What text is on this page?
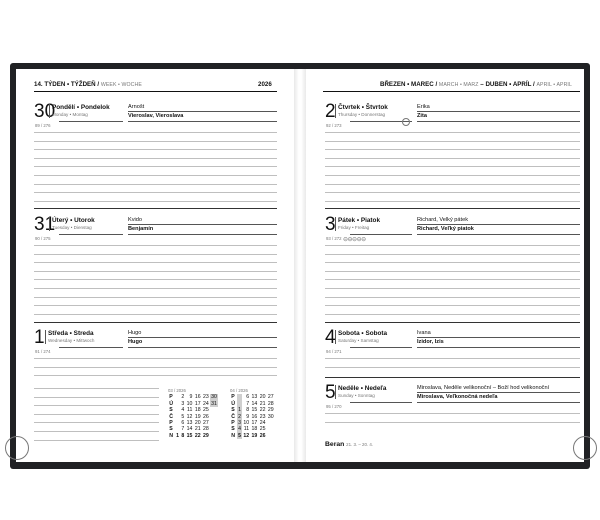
14. TÝDEN • TÝŽDEŇ / WEEK • WOCHE	2026	BŘEZEN • MAREC / MARCH • MARZ – DUBEN • APRÍL / APRIL • APRIL
30
Pondělí • Pondelok
Monday • Montag
89 / 276
Arnošt
Vieroslav, Vieroslava
31
Úterý • Utorok
Tuesday • Dienstag
90 / 275
Kvido
Benjamín
1 Středa • Streda
Wednesday • Mittwoch
91 / 274
Hugo
Hugo
2 Čtvrtek • Štvrtok
Thursday • Donnerstag
92 / 273
Erika
Zita
3 Pátek • Piatok
Friday • Freitag
93 / 272
Richard, Velký pátek
Richard, Veľký piatok
4 Sobota • Sobota
Saturday • Samstag
94 / 271
Ivana
Izidor, Izis
5 Neděle • Nedeľa
Sunday • Sonntag
95 / 270
Miroslava, Neděle velikonoční – Boží hod velikonoční
Miroslava, Veľkonočná nedeľa
⊖⊖⊖⊖⊖
03 / 2026
P		2	9	16	23	30
Ú		3	10	17	24	31
S		4	11	18	25	
Č		5	12	19	26	
P		6	13	20	27	
S		7	14	21	28	
N	1	8	15	22	29	
04 / 2026
P		6	13	20	27
Ú		7	14	21	28
S	1	8	15	22	29
Č	2	9	16	23	30
P	3	10	17	24	
S	4	11	18	25	
N	5	12	19	26	
Beran 21. 3. – 20. 4.
